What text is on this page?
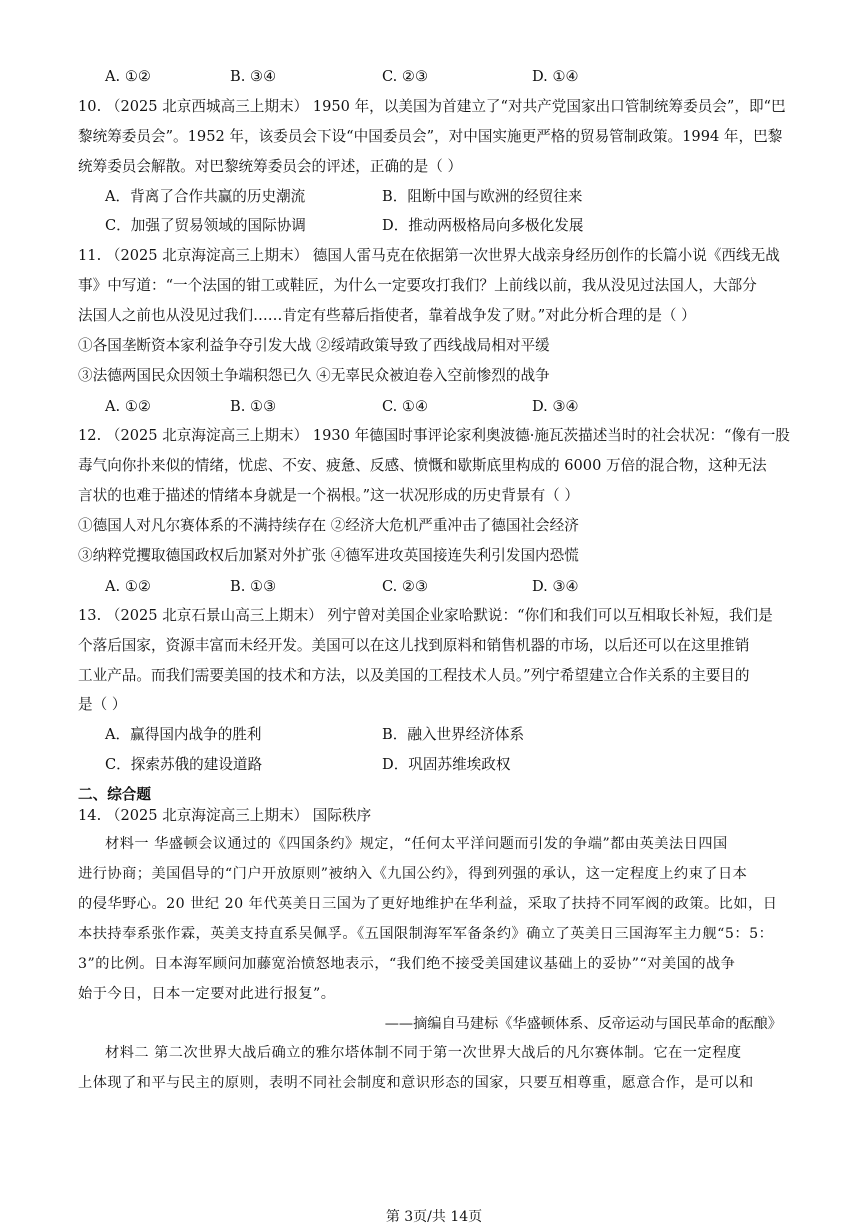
A. ①②	B. ③④	C. ②③	D. ①④
10. （2025 北京西城高三上期末） 1950 年，以美国为首建立了“对共产党国家出口管制统筹委员会”，即“巴
黎统筹委员会”。1952 年，该委员会下设“中国委员会”，对中国实施更严格的贸易管制政策。1994 年，巴黎
统筹委员会解散。对巴黎统筹委员会的评述，正确的是（ ）
A．背离了合作共赢的历史潮流	B．阻断中国与欧洲的经贸往来
C．加强了贸易领域的国际协调	D．推动两极格局向多极化发展
11. （2025 北京海淀高三上期末） 德国人雷马克在依据第一次世界大战亲身经历创作的长篇小说《西线无战
事》中写道：“一个法国的钳工或鞋匠，为什么一定要攻打我们？上前线以前，我从没见过法国人，大部分
法国人之前也从没见过我们……肯定有些幕后指使者，靠着战争发了财。”对此分析合理的是（ ）
①各国垄断资本家利益争夺引发大战 ②绥靖政策导致了西线战局相对平缓
③法德两国民众因领土争端积怨已久 ④无辜民众被迫卷入空前惨烈的战争
A. ①②	B. ①③	C. ①④	D. ③④
12. （2025 北京海淀高三上期末） 1930 年德国时事评论家利奥波德·施瓦茨描述当时的社会状况：“像有一股
毒气向你扑来似的情绪，忧虑、不安、疲惫、反感、愤慨和歇斯底里构成的 6000 万倍的混合物，这种无法
言状的也难于描述的情绪本身就是一个祸根。”这一状况形成的历史背景有（ ）
①德国人对凡尔赛体系的不满持续存在 ②经济大危机严重冲击了德国社会经济
③纳粹党攫取德国政权后加紧对外扩张 ④德军进攻英国接连失利引发国内恐慌
A. ①②	B. ①③	C. ②③	D. ③④
13. （2025 北京石景山高三上期末） 列宁曾对美国企业家哈默说：“你们和我们可以互相取长补短，我们是
个落后国家，资源丰富而未经开发。美国可以在这儿找到原料和销售机器的市场，以后还可以在这里推销
工业产品。而我们需要美国的技术和方法，以及美国的工程技术人员。”列宁希望建立合作关系的主要目的
是（ ）
A．赢得国内战争的胜利	B．融入世界经济体系
C．探索苏俄的建设道路	D．巩固苏维埃政权
二、综合题
14. （2025 北京海淀高三上期末） 国际秩序
材料一 华盛顿会议通过的《四国条约》规定，“任何太平洋问题而引发的争端”都由英美法日四国
进行协商；美国倡导的“门户开放原则”被纳入《九国公约》，得到列强的承认，这一定程度上约束了日本
的侵华野心。20 世纪 20 年代英美日三国为了更好地维护在华利益，采取了扶持不同军阀的政策。比如，日
本扶持奉系张作霖，英美支持直系吴佩孚。《五国限制海军军备条约》确立了英美日三国海军主力舰“5：5：
3”的比例。日本海军顾问加藤宽治愤怒地表示，“我们绝不接受美国建议基础上的妥协”“对美国的战争
始于今日，日本一定要对此进行报复”。
——摘编自马建标《华盛顿体系、反帝运动与国民革命的酝酿》
材料二 第二次世界大战后确立的雅尔塔体制不同于第一次世界大战后的凡尔赛体制。它在一定程度
上体现了和平与民主的原则，表明不同社会制度和意识形态的国家，只要互相尊重，愿意合作，是可以和
第 3页/共 14页
